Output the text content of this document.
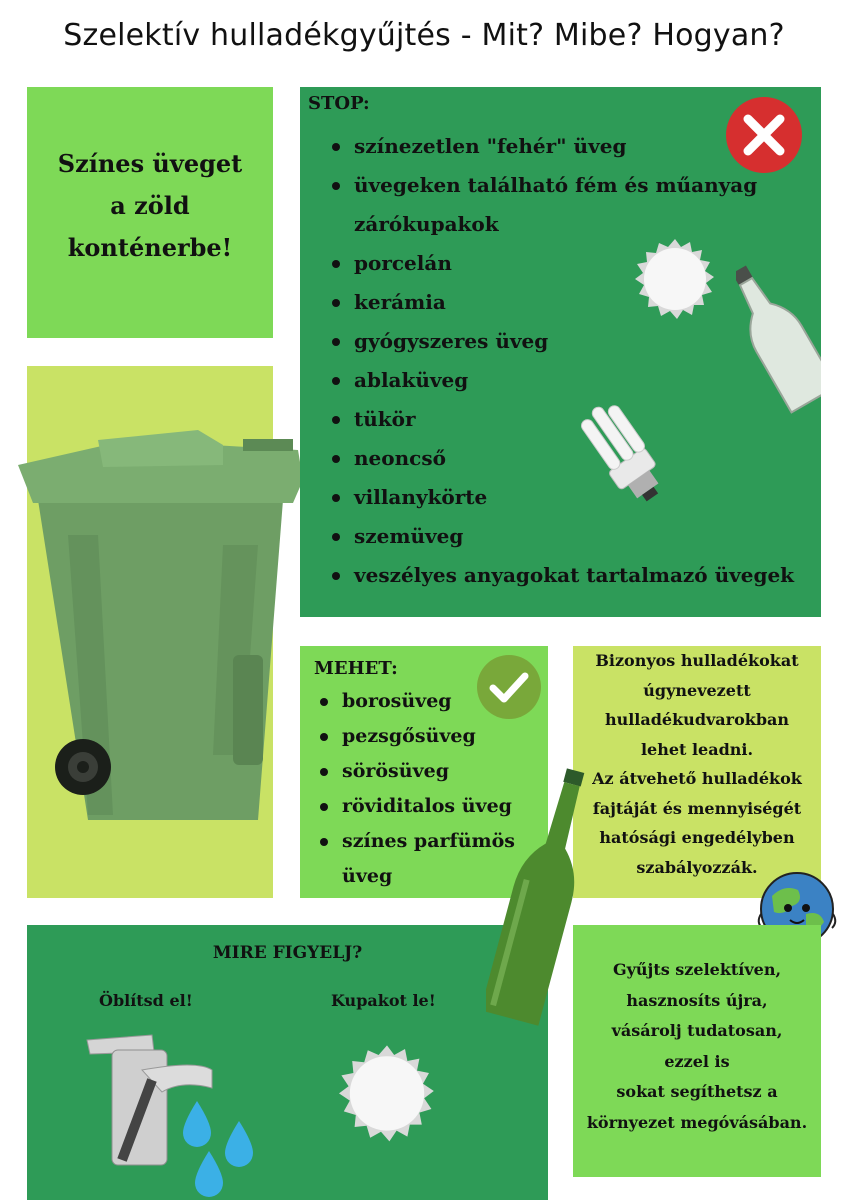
Szelektív hulladékgyűjtés - Mit? Mibe? Hogyan?
Színes üveget
a zöld
konténerbe!
STOP:
színezetlen "fehér" üveg
üvegeken található fém és műanyag
zárókupakok
porcelán
kerámia
gyógyszeres üveg
ablaküveg
tükör
neoncső
villanykörte
szemüveg
veszélyes anyagokat tartalmazó üvegek
MEHET:
borosüveg
pezsgősüveg
sörösüveg
röviditalos üveg
színes parfümös
üveg
Bizonyos hulladékokat
úgynevezett
hulladékudvarokban
lehet leadni.
Az átvehető hulladékok
fajtáját és mennyiségét
hatósági engedélyben
szabályozzák.
MIRE FIGYELJ?
Öblítsd el!	Kupakot le!
Gyűjts szelektíven,
hasznosíts újra,
vásárolj tudatosan,
ezzel is
sokat segíthetsz a
környezet megóvásában.
